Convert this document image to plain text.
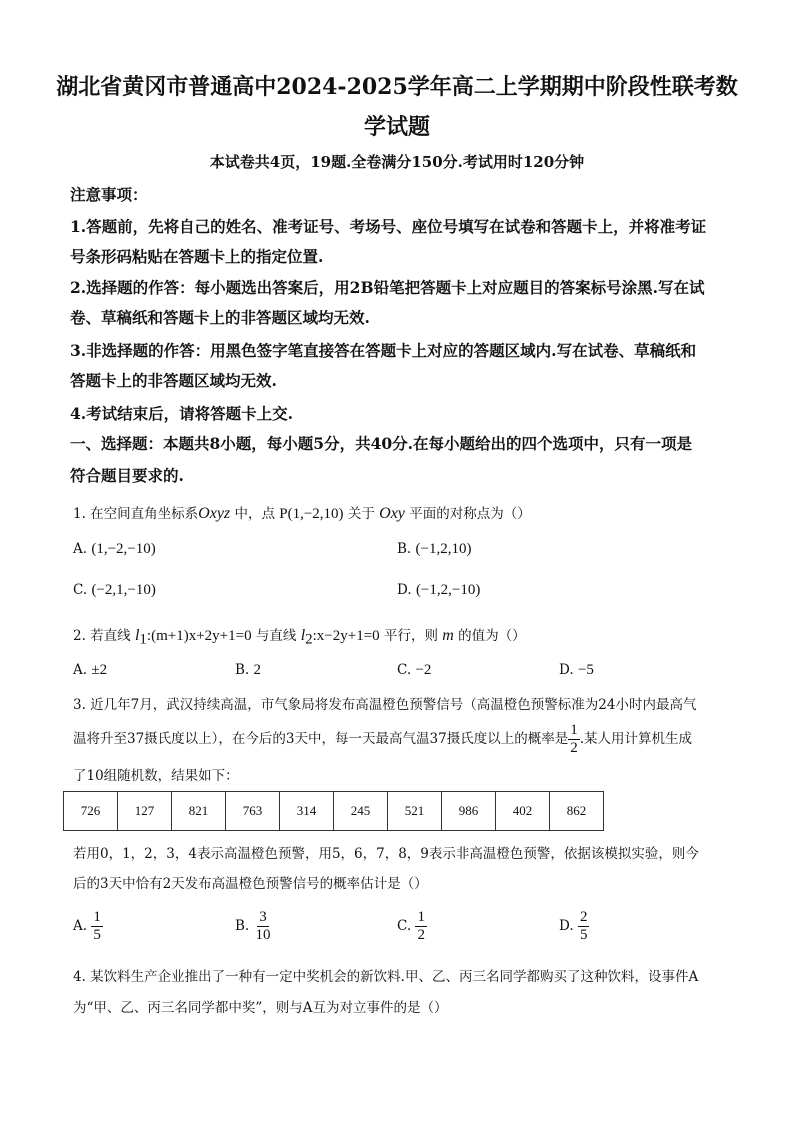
湖北省黄冈市普通高中2024-2025学年高二上学期期中阶段性联考数
学试题
本试卷共4页，19题.全卷满分150分.考试用时120分钟
注意事项：
1.答题前，先将自己的姓名、准考证号、考场号、座位号填写在试卷和答题卡上，并将准考证
号条形码粘贴在答题卡上的指定位置.
2.选择题的作答：每小题选出答案后，用2B铅笔把答题卡上对应题目的答案标号涂黑.写在试
卷、草稿纸和答题卡上的非答题区域均无效.
3.非选择题的作答：用黑色签字笔直接答在答题卡上对应的答题区域内.写在试卷、草稿纸和
答题卡上的非答题区域均无效.
4.考试结束后，请将答题卡上交.
一、选择题：本题共8小题，每小题5分，共40分.在每小题给出的四个选项中，只有一项是
符合题目要求的.
1. 在空间直角坐标系Oxyz 中，点 P(1,−2,10) 关于 Oxy 平面的对称点为（）
A. (1,−2,−10)	B. (−1,2,10)
C. (−2,1,−10)	D. (−1,2,−10)
2. 若直线 $l_1:(m+1)x+2y+1=0$ 与直线 $l_2:x-2y+1=0$ 平行，则 m 的值为（）
A. ±2	B. 2	C. −2	D. −5
3. 近几年7月，武汉持续高温，市气象局将发布高温橙色预警信号（高温橙色预警标准为24小时内最高气
温将升至37摄氏度以上），在今后的3天中，每一天最高气温37摄氏度以上的概率是 $\frac{1}{2}$ .某人用计算机生成
了10组随机数，结果如下：
726	127	821	763	314	245	521	986	402	862
若用0，1，2，3，4表示高温橙色预警，用5，6，7，8，9表示非高温橙色预警，依据该模拟实验，则今
后的3天中恰有2天发布高温橙色预警信号的概率估计是（）
A. $\frac{1}{5}$	B. $\frac{3}{10}$	C. $\frac{1}{2}$	D. $\frac{2}{5}$
4. 某饮料生产企业推出了一种有一定中奖机会的新饮料.甲、乙、丙三名同学都购买了这种饮料，设事件A
为“甲、乙、丙三名同学都中奖”，则与A互为对立事件的是（）
